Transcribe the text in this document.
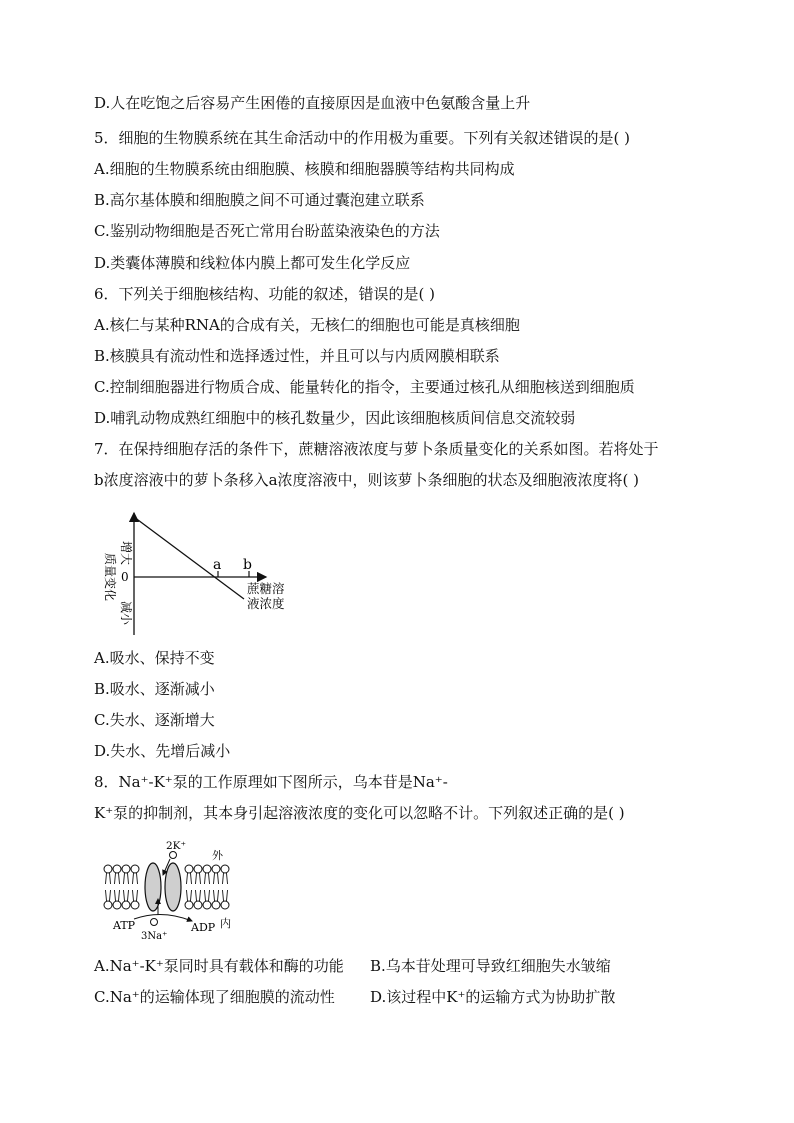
D.人在吃饱之后容易产生困倦的直接原因是血液中色氨酸含量上升
5．细胞的生物膜系统在其生命活动中的作用极为重要。下列有关叙述错误的是( )
A.细胞的生物膜系统由细胞膜、核膜和细胞器膜等结构共同构成
B.高尔基体膜和细胞膜之间不可通过囊泡建立联系
C.鉴别动物细胞是否死亡常用台盼蓝染液染色的方法
D.类囊体薄膜和线粒体内膜上都可发生化学反应
6．下列关于细胞核结构、功能的叙述，错误的是( )
A.核仁与某种RNA的合成有关，无核仁的细胞也可能是真核细胞
B.核膜具有流动性和选择透过性，并且可以与内质网膜相联系
C.控制细胞器进行物质合成、能量转化的指令，主要通过核孔从细胞核送到细胞质
D.哺乳动物成熟红细胞中的核孔数量少，因此该细胞核质间信息交流较弱
7．在保持细胞存活的条件下，蔗糖溶液浓度与萝卜条质量变化的关系如图。若将处于
b浓度溶液中的萝卜条移入a浓度溶液中，则该萝卜条细胞的状态及细胞液浓度将( )
a b
0
蔗糖溶
液浓度
增大
质量变化
减小
A.吸水、保持不变
B.吸水、逐渐减小
C.失水、逐渐增大
D.失水、先增后减小
8．Na⁺-K⁺泵的工作原理如下图所示，乌本苷是Na⁺-
K⁺泵的抑制剂，其本身引起溶液浓度的变化可以忽略不计。下列叙述正确的是( )
2K⁺
外
ATP	ADP 内
3Na⁺
A.Na⁺-K⁺泵同时具有载体和酶的功能	B.乌本苷处理可导致红细胞失水皱缩
C.Na⁺的运输体现了细胞膜的流动性	D.该过程中K⁺的运输方式为协助扩散
